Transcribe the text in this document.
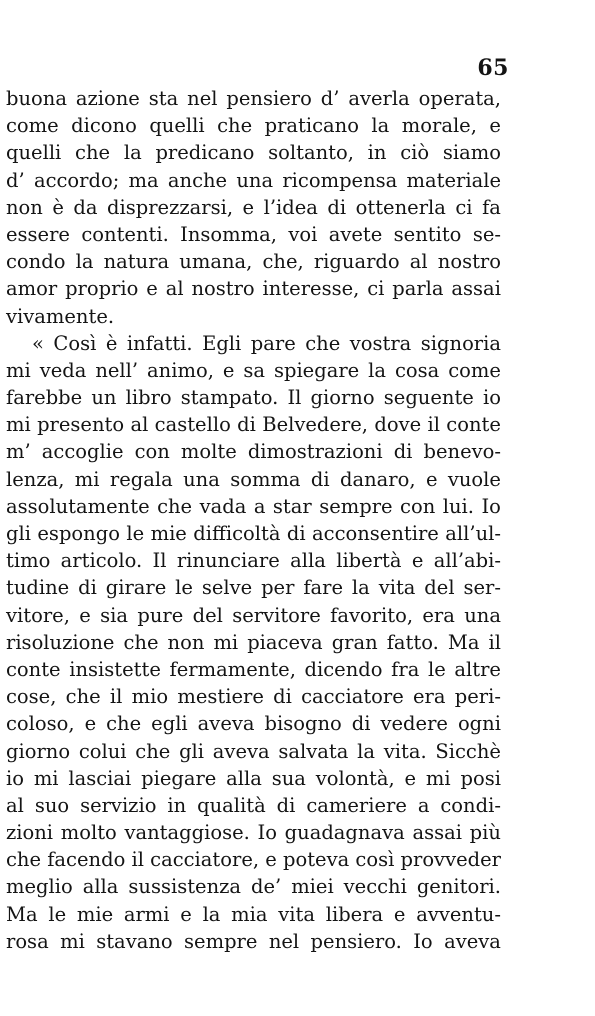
65
buona azione sta nel pensiero d’ averla operata,
come dicono quelli che praticano la morale, e
quelli che la predicano soltanto, in ciò siamo
d’ accordo; ma anche una ricompensa materiale
non è da disprezzarsi, e l’idea di ottenerla ci fa
essere contenti. Insomma, voi avete sentito se-
condo la natura umana, che, riguardo al nostro
amor proprio e al nostro interesse, ci parla assai
vivamente.
« Così è infatti. Egli pare che vostra signoria
mi veda nell’ animo, e sa spiegare la cosa come
farebbe un libro stampato. Il giorno seguente io
mi presento al castello di Belvedere, dove il conte
m’ accoglie con molte dimostrazioni di benevo-
lenza, mi regala una somma di danaro, e vuole
assolutamente che vada a star sempre con lui. Io
gli espongo le mie difficoltà di acconsentire all’ul-
timo articolo. Il rinunciare alla libertà e all’abi-
tudine di girare le selve per fare la vita del ser-
vitore, e sia pure del servitore favorito, era una
risoluzione che non mi piaceva gran fatto. Ma il
conte insistette fermamente, dicendo fra le altre
cose, che il mio mestiere di cacciatore era peri-
coloso, e che egli aveva bisogno di vedere ogni
giorno colui che gli aveva salvata la vita. Sicchè
io mi lasciai piegare alla sua volontà, e mi posi
al suo servizio in qualità di cameriere a condi-
zioni molto vantaggiose. Io guadagnava assai più
che facendo il cacciatore, e poteva così provveder
meglio alla sussistenza de’ miei vecchi genitori.
Ma le mie armi e la mia vita libera e avventu-
rosa mi stavano sempre nel pensiero. Io aveva
